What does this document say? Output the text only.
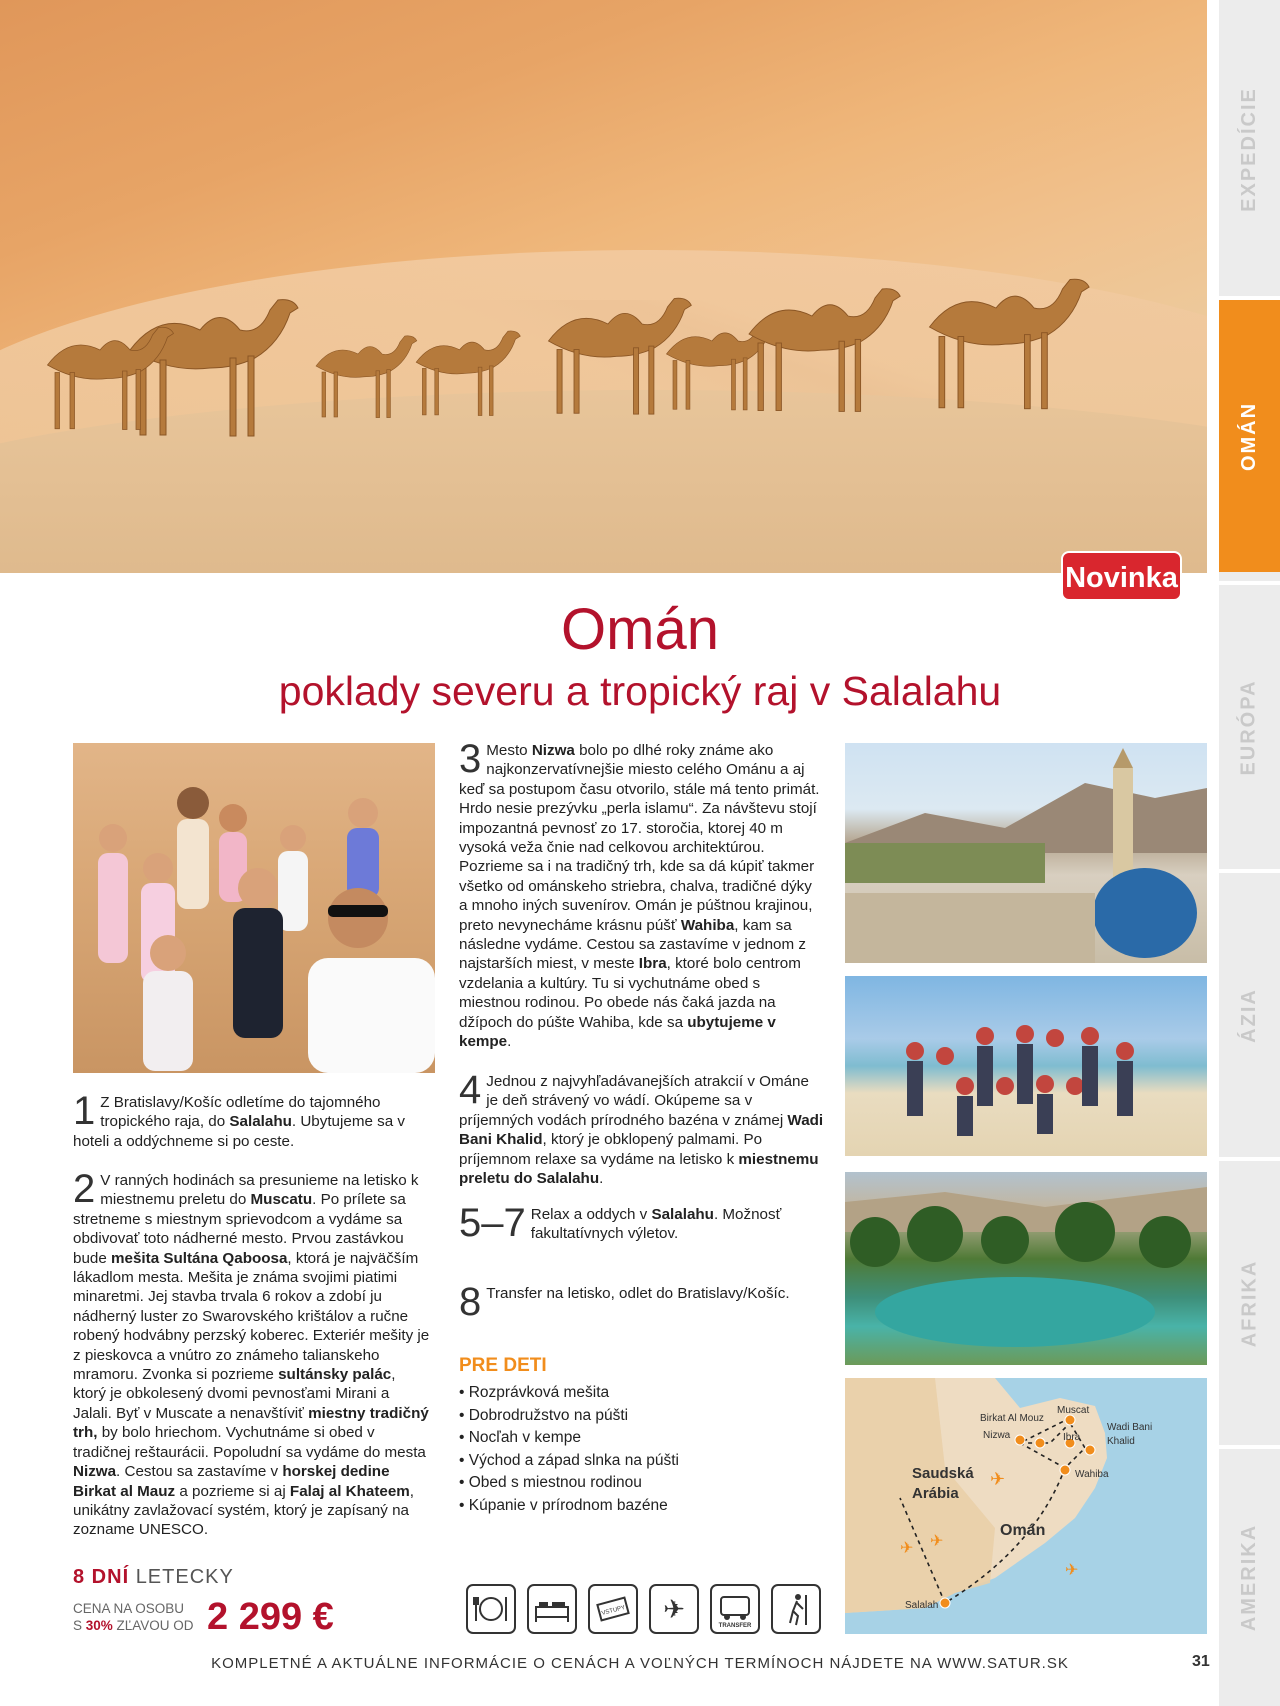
EXPEDÍCIE
OMÁN
EURÓPA
ÁZIA
AFRIKA
AMERIKA
Novinka
Omán
poklady severu a tropický raj v Salalahu
✈
✈ ✈
✈
Saudská
Arábia
Omán
Muscat
Birkat Al Mouz
Nizwa	Ibra
Wadi Bani
Khalid
Wahiba
Salalah
1 Z Bratislavy/Košíc odletíme do tajomného tropického raja, do Salalahu. Ubytujeme sa v hoteli a oddýchneme si po ceste.
2 V ranných hodinách sa presunieme na letisko k miestnemu preletu do Muscatu. Po prílete sa stretneme s miestnym sprievodcom a vydáme sa obdivovať toto nádherné mesto. Prvou zastávkou bude mešita Sultána Qaboosa, ktorá je najväčším lákadlom mesta. Mešita je známa svojimi piatimi minaretmi. Jej stavba trvala 6 rokov a zdobí ju nádherný luster zo Swarovského krištálov a ručne robený hodvábny perzský koberec. Exteriér mešity je z pieskovca a vnútro zo známeho talianskeho mramoru. Zvonka si pozrieme sultánsky palác, ktorý je obkolesený dvomi pevnosťami Mirani a Jalali. Byť v Muscate a nenavštíviť miestny tradičný trh, by bolo hriechom. Vychutnáme si obed v tradičnej reštaurácii. Popoludní sa vydáme do mesta Nizwa. Cestou sa zastavíme v horskej dedine Birkat al Mauz a pozrieme si aj Falaj al Khateem, unikátny zavlažovací systém, ktorý je zapísaný na zozname UNESCO.
3 Mesto Nizwa bolo po dlhé roky známe ako najkonzervatívnejšie miesto celého Ománu a aj keď sa postupom času otvorilo, stále má tento primát. Hrdo nesie prezývku „perla islamu“. Za návštevu stojí impozantná pevnosť zo 17. storočia, ktorej 40 m vysoká veža čnie nad celkovou architektúrou. Pozrieme sa i na tradičný trh, kde sa dá kúpiť takmer všetko od ománskeho striebra, chalva, tradičné dýky a mnoho iných suvenírov. Omán je púštnou krajinou, preto nevynecháme krásnu púšť Wahiba, kam sa následne vydáme. Cestou sa zastavíme v jednom z najstarších miest, v meste Ibra, ktoré bolo centrom vzdelania a kultúry. Tu si vychutnáme obed s miestnou rodinou. Po obede nás čaká jazda na džípoch do púšte Wahiba, kde sa ubytujeme v kempe.
4 Jednou z najvyhľadávanejších atrakcií v Ománe je deň strávený vo wádí. Okúpeme sa v príjemných vodách prírodného bazéna v známej Wadi Bani Khalid, ktorý je obklopený palmami. Po príjemnom relaxe sa vydáme na letisko k miestnemu preletu do Salalahu.
5–7 Relax a oddych v Salalahu. Možnosť fakultatívnych výletov.
8 Transfer na letisko, odlet do Bratislavy/Košíc.
PRE DETI
• Rozprávková mešita
• Dobrodružstvo na púšti
• Nocľah v kempe
• Východ a západ slnka na púšti
• Obed s miestnou rodinou
• Kúpanie v prírodnom bazéne
8 DNÍ LETECKY
CENA NA OSOBU
S 30% ZĽAVOU OD 2 299 €	VSTUPY ✈
TRANSFER
KOMPLETNÉ A AKTUÁLNE INFORMÁCIE O CENÁCH A VOĽNÝCH TERMÍNOCH NÁJDETE NA WWW.SATUR.SK	31
